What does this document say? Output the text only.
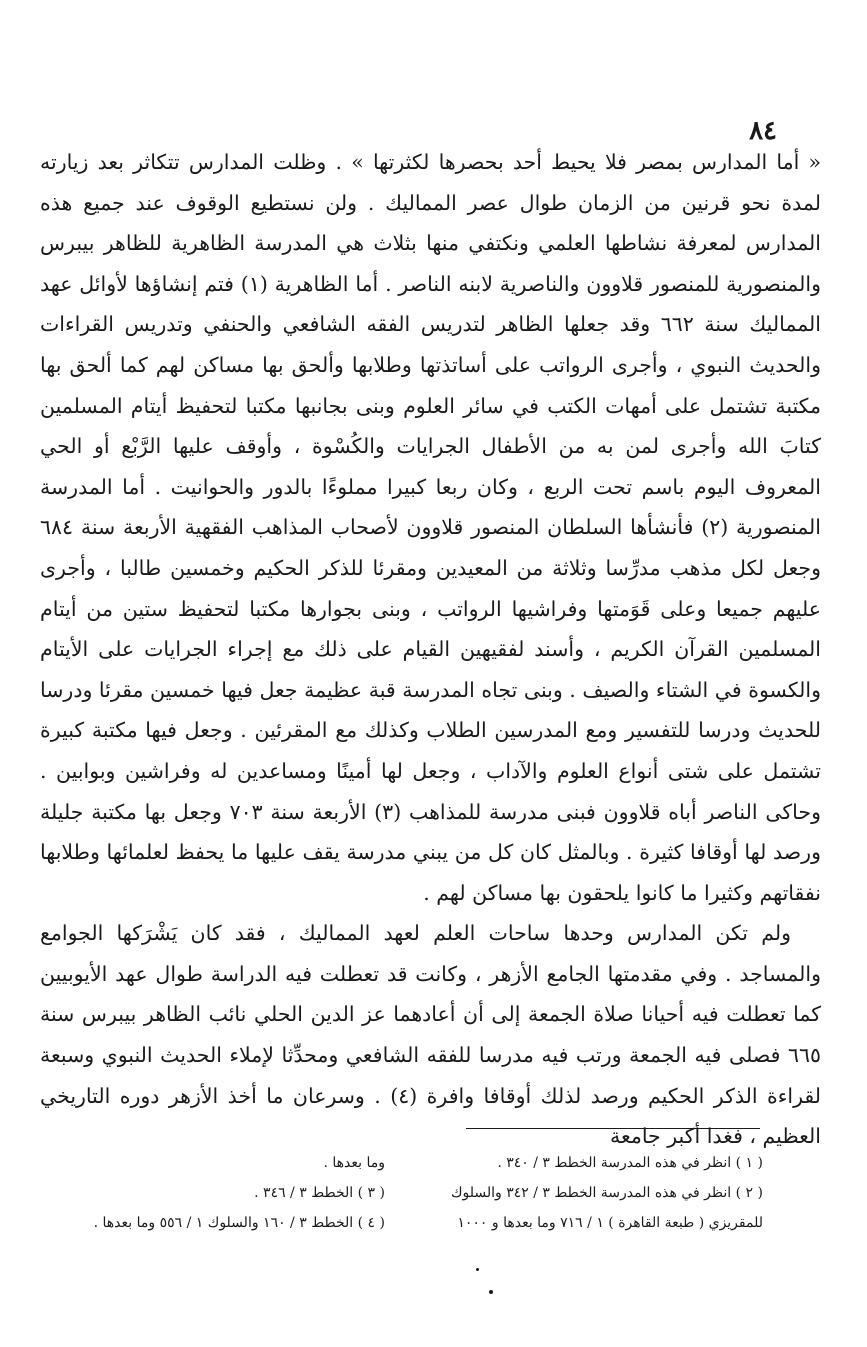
٨٤

« أما المدارس بمصر فلا يحيط أحد بحصرها لكثرتها » . وظلت المدارس تتكاثر بعد زيارته لمدة نحو قرنين من الزمان طوال عصر المماليك . ولن نستطيع الوقوف عند جميع هذه المدارس لمعرفة نشاطها العلمي ونكتفي منها بثلاث هي المدرسة الظاهرية للظاهر بيبرس والمنصورية للمنصور قلاوون والناصرية لابنه الناصر . أما الظاهرية (١) فتم إنشاؤها لأوائل عهد المماليك سنة ٦٦٢ وقد جعلها الظاهر لتدريس الفقه الشافعي والحنفي وتدريس القراءات والحديث النبوي ، وأجرى الرواتب على أساتذتها وطلابها وألحق بها مساكن لهم كما ألحق بها مكتبة تشتمل على أمهات الكتب في سائر العلوم وبنى بجانبها مكتبا لتحفيظ أيتام المسلمين كتابَ الله وأجرى لمن به من الأطفال الجرايات والكُسْوة ، وأوقف عليها الرَّبْع أو الحي المعروف اليوم باسم تحت الربع ، وكان ربعا كبيرا مملوءًا بالدور والحوانيت . أما المدرسة المنصورية (٢) فأنشأها السلطان المنصور قلاوون لأصحاب المذاهب الفقهية الأربعة سنة ٦٨٤ وجعل لكل مذهب مدرِّسا وثلاثة من المعيدين ومقرئا للذكر الحكيم وخمسين طالبا ، وأجرى عليهم جميعا وعلى قَوَمتها وفراشيها الرواتب ، وبنى بجوارها مكتبا لتحفيظ ستين من أيتام المسلمين القرآن الكريم ، وأسند لفقيهين القيام على ذلك مع إجراء الجرايات على الأيتام والكسوة في الشتاء والصيف . وبنى تجاه المدرسة قبة عظيمة جعل فيها خمسين مقرئا ودرسا للحديث ودرسا للتفسير ومع المدرسين الطلاب وكذلك مع المقرئين . وجعل فيها مكتبة كبيرة تشتمل على شتى أنواع العلوم والآداب ، وجعل لها أمينًا ومساعدين له وفراشين وبوابين . وحاكى الناصر أباه قلاوون فبنى مدرسة للمذاهب (٣) الأربعة سنة ٧٠٣ وجعل بها مكتبة جليلة ورصد لها أوقافا كثيرة . وبالمثل كان كل من يبني مدرسة يقف عليها ما يحفظ لعلمائها وطلابها نفقاتهم وكثيرا ما كانوا يلحقون بها مساكن لهم .

ولم تكن المدارس وحدها ساحات العلم لعهد المماليك ، فقد كان يَشْرَكها الجوامع والمساجد . وفي مقدمتها الجامع الأزهر ، وكانت قد تعطلت فيه الدراسة طوال عهد الأيوبيين كما تعطلت فيه أحيانا صلاة الجمعة إلى أن أعادهما عز الدين الحلي نائب الظاهر بيبرس سنة ٦٦٥ فصلى فيه الجمعة ورتب فيه مدرسا للفقه الشافعي ومحدِّثا لإملاء الحديث النبوي وسبعة لقراءة الذكر الحكيم ورصد لذلك أوقافا وافرة (٤) . وسرعان ما أخذ الأزهر دوره التاريخي العظيم ، فغدا أكبر جامعة

( ١ ) انظر في هذه المدرسة الخطط ٣ / ٣٤٠ .
( ٢ ) انظر في هذه المدرسة الخطط ٣ / ٣٤٢ والسلوك
للمقريزي ( طبعة القاهرة ) ١ / ٧١٦ وما بعدها و ١٠٠٠
وما بعدها .
( ٣ ) الخطط ٣ / ٣٤٦ .
( ٤ ) الخطط ٣ / ١٦٠ والسلوك ١ / ٥٥٦ وما بعدها .
